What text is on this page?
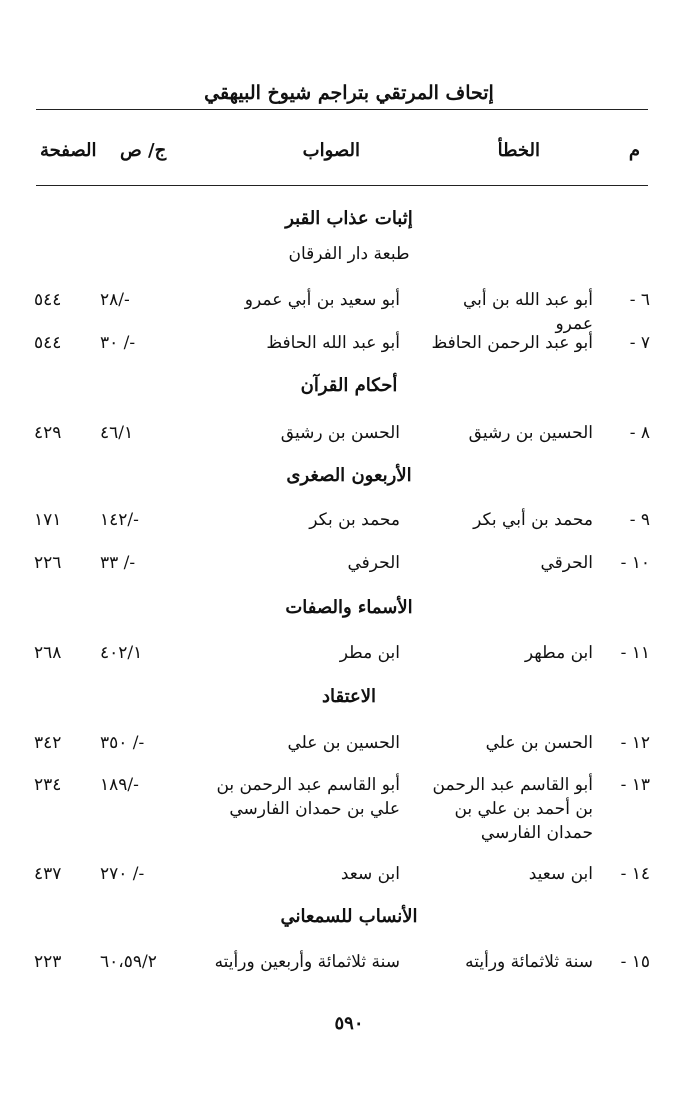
إتحاف المرتقي بتراجم شيوخ البيهقي
م
الخطأ
الصواب
ج/ ص
الصفحة
إثبات عذاب القبر
طبعة دار الفرقان
٦ -
أبو عبد الله بن أبي عمرو
أبو سعيد بن أبي عمرو
-/٢٨
٥٤٤
٧ -
أبو عبد الرحمن الحافظ
أبو عبد الله الحافظ
-/ ٣٠
٥٤٤
أحكام القرآن
٨ -
الحسين بن رشيق
الحسن بن رشيق
٤٦/١
٤٢٩
الأربعون الصغرى
٩ -
محمد بن أبي بكر
محمد بن بكر
-/١٤٢
١٧١
١٠ -
الحرقي
الحرفي
-/ ٣٣
٢٢٦
الأسماء والصفات
١١ -
ابن مطهر
ابن مطر
٤٠٢/١
٢٦٨
الاعتقاد
١٢ -
الحسن بن علي
الحسين بن علي
-/ ٣٥٠
٣٤٢
١٣ -
أبو القاسم عبد الرحمن بن أحمد بن علي بن حمدان الفارسي
أبو القاسم عبد الرحمن بن علي بن حمدان الفارسي
-/١٨٩
٢٣٤
١٤ -
ابن سعيد
ابن سعد
-/ ٢٧٠
٤٣٧
الأنساب للسمعاني
١٥ -
سنة ثلاثمائة ورأيته
سنة ثلاثمائة وأربعين ورأيته
٦٠،٥٩/٢
٢٢٣
٥٩٠
